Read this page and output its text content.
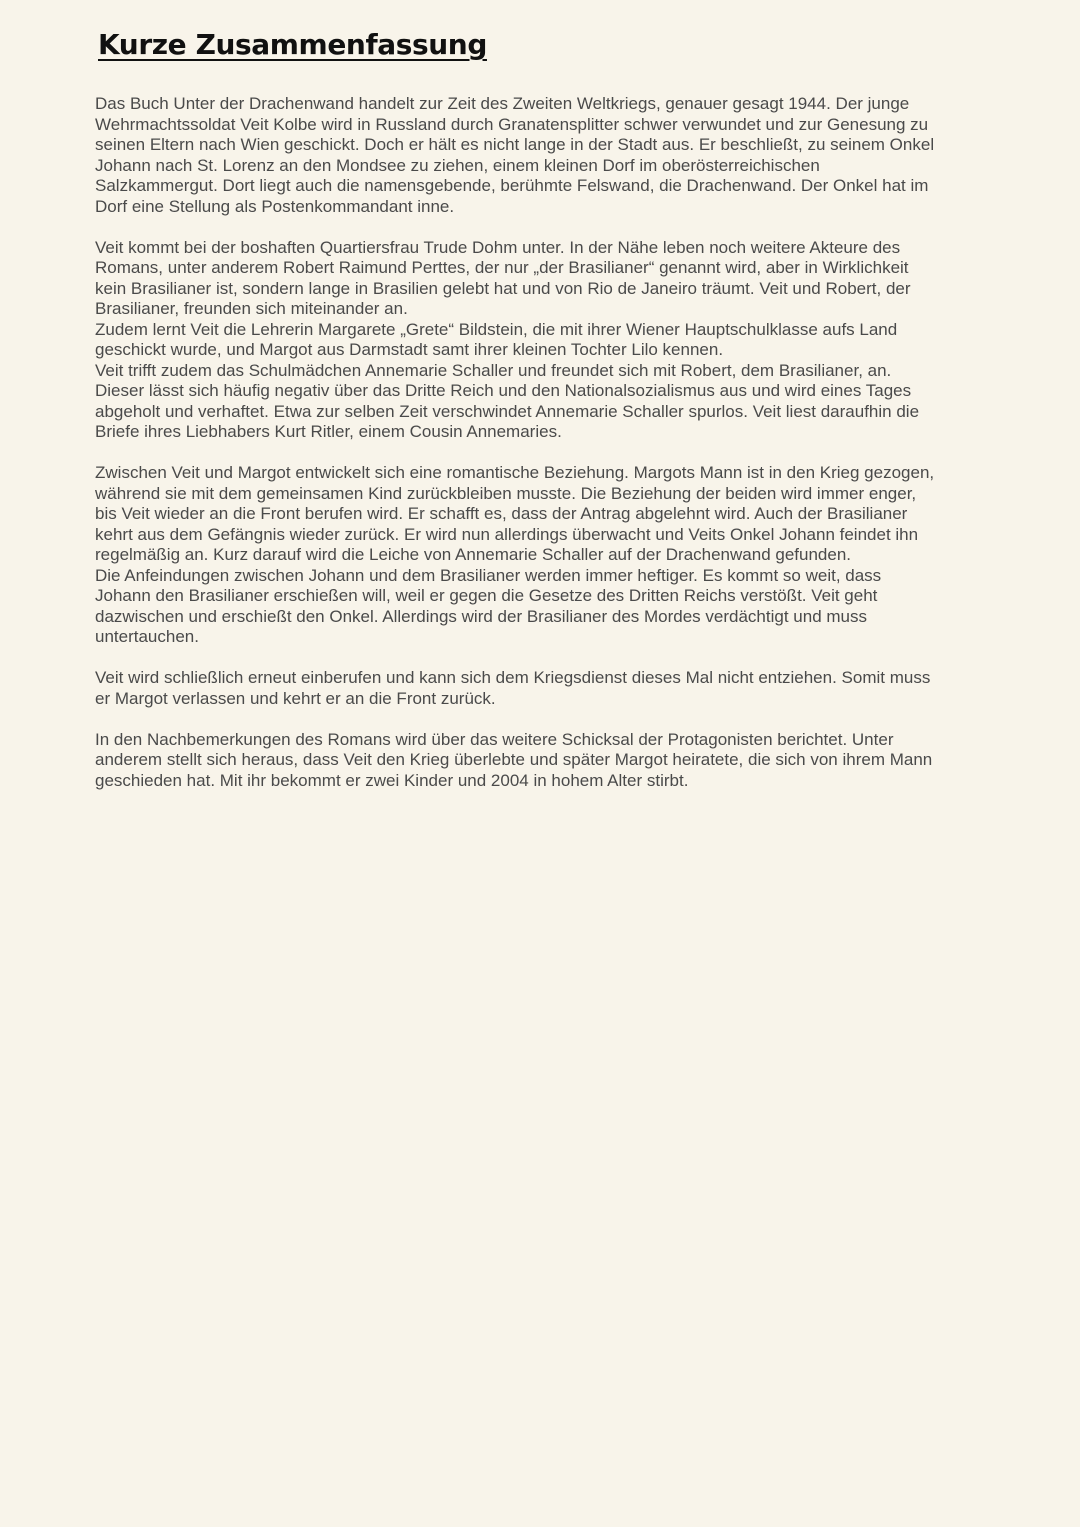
Kurze Zusammenfassung

Das Buch Unter der Drachenwand handelt zur Zeit des Zweiten Weltkriegs, genauer gesagt 1944. Der junge
Wehrmachtssoldat Veit Kolbe wird in Russland durch Granatensplitter schwer verwundet und zur Genesung zu
seinen Eltern nach Wien geschickt. Doch er hält es nicht lange in der Stadt aus. Er beschließt, zu seinem Onkel
Johann nach St. Lorenz an den Mondsee zu ziehen, einem kleinen Dorf im oberösterreichischen
Salzkammergut. Dort liegt auch die namensgebende, berühmte Felswand, die Drachenwand. Der Onkel hat im
Dorf eine Stellung als Postenkommandant inne.

Veit kommt bei der boshaften Quartiersfrau Trude Dohm unter. In der Nähe leben noch weitere Akteure des
Romans, unter anderem Robert Raimund Perttes, der nur „der Brasilianer“ genannt wird, aber in Wirklichkeit
kein Brasilianer ist, sondern lange in Brasilien gelebt hat und von Rio de Janeiro träumt. Veit und Robert, der
Brasilianer, freunden sich miteinander an.
Zudem lernt Veit die Lehrerin Margarete „Grete“ Bildstein, die mit ihrer Wiener Hauptschulklasse aufs Land
geschickt wurde, und Margot aus Darmstadt samt ihrer kleinen Tochter Lilo kennen.
Veit trifft zudem das Schulmädchen Annemarie Schaller und freundet sich mit Robert, dem Brasilianer, an.
Dieser lässt sich häufig negativ über das Dritte Reich und den Nationalsozialismus aus und wird eines Tages
abgeholt und verhaftet. Etwa zur selben Zeit verschwindet Annemarie Schaller spurlos. Veit liest daraufhin die
Briefe ihres Liebhabers Kurt Ritler, einem Cousin Annemaries.

Zwischen Veit und Margot entwickelt sich eine romantische Beziehung. Margots Mann ist in den Krieg gezogen,
während sie mit dem gemeinsamen Kind zurückbleiben musste. Die Beziehung der beiden wird immer enger,
bis Veit wieder an die Front berufen wird. Er schafft es, dass der Antrag abgelehnt wird. Auch der Brasilianer
kehrt aus dem Gefängnis wieder zurück. Er wird nun allerdings überwacht und Veits Onkel Johann feindet ihn
regelmäßig an. Kurz darauf wird die Leiche von Annemarie Schaller auf der Drachenwand gefunden.
Die Anfeindungen zwischen Johann und dem Brasilianer werden immer heftiger. Es kommt so weit, dass
Johann den Brasilianer erschießen will, weil er gegen die Gesetze des Dritten Reichs verstößt. Veit geht
dazwischen und erschießt den Onkel. Allerdings wird der Brasilianer des Mordes verdächtigt und muss
untertauchen.

Veit wird schließlich erneut einberufen und kann sich dem Kriegsdienst dieses Mal nicht entziehen. Somit muss
er Margot verlassen und kehrt er an die Front zurück.

In den Nachbemerkungen des Romans wird über das weitere Schicksal der Protagonisten berichtet. Unter
anderem stellt sich heraus, dass Veit den Krieg überlebte und später Margot heiratete, die sich von ihrem Mann
geschieden hat. Mit ihr bekommt er zwei Kinder und 2004 in hohem Alter stirbt.
